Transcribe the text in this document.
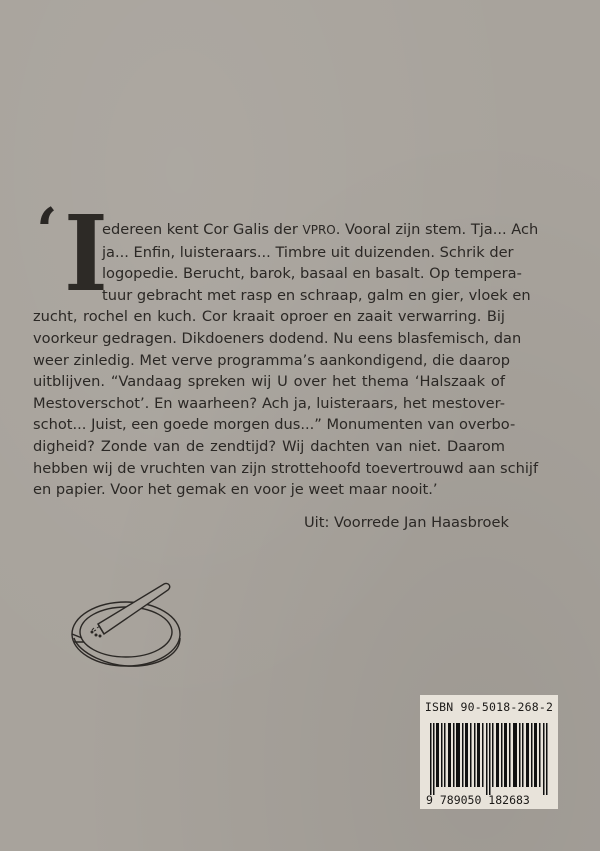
‘ I
edereen kent Cor Galis der VPRO. Vooral zijn stem. Tja... Ach
ja... Enfin, luisteraars... Timbre uit duizenden. Schrik der
logopedie. Berucht, barok, basaal en basalt. Op tempera-
tuur gebracht met rasp en schraap, galm en gier, vloek en
zucht, rochel en kuch. Cor kraait oproer en zaait verwarring. Bij
voorkeur gedragen. Dikdoeners dodend. Nu eens blasfemisch, dan
weer zinledig. Met verve programma’s aankondigend, die daarop
uitblijven. “Vandaag spreken wij U over het thema ‘Halszaak of
Mestoverschot’. En waarheen? Ach ja, luisteraars, het mestover-
schot... Juist, een goede morgen dus...” Monumenten van overbo-
digheid? Zonde van de zendtijd? Wij dachten van niet. Daarom
hebben wij de vruchten van zijn strottehoofd toevertrouwd aan schijf
en papier. Voor het gemak en voor je weet maar nooit.’
Uit: Voorrede Jan Haasbroek
ISBN 90-5018-268-2
9 789050 182683
